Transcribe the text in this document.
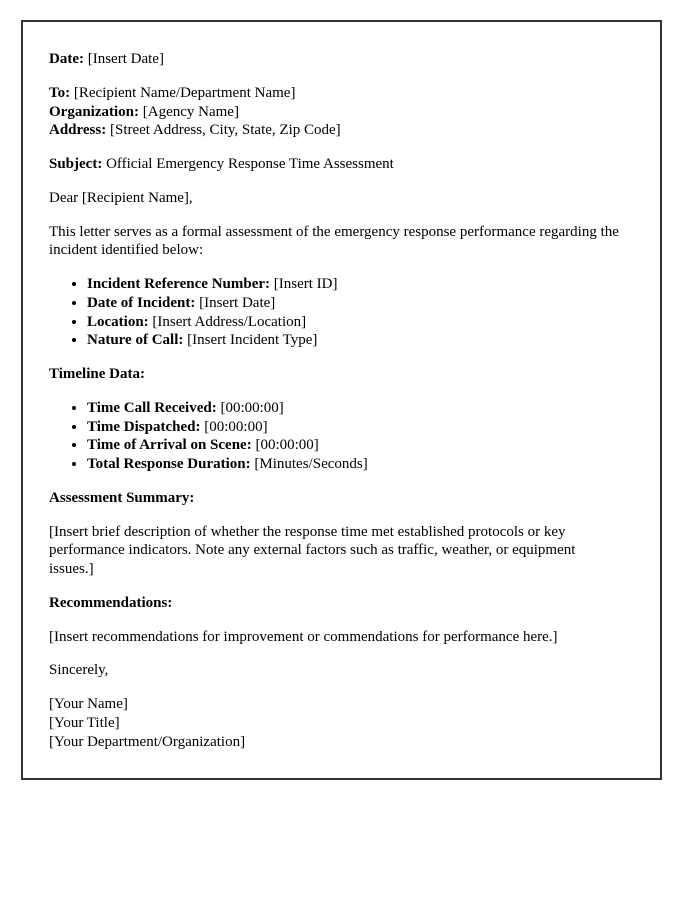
Date: [Insert Date]

To: [Recipient Name/Department Name]
Organization: [Agency Name]
Address: [Street Address, City, State, Zip Code]

Subject: Official Emergency Response Time Assessment

Dear [Recipient Name],

This letter serves as a formal assessment of the emergency response performance regarding the incident identified below:

• Incident Reference Number: [Insert ID]
• Date of Incident: [Insert Date]
• Location: [Insert Address/Location]
• Nature of Call: [Insert Incident Type]

Timeline Data:

• Time Call Received: [00:00:00]
• Time Dispatched: [00:00:00]
• Time of Arrival on Scene: [00:00:00]
• Total Response Duration: [Minutes/Seconds]

Assessment Summary:

[Insert brief description of whether the response time met established protocols or key performance indicators. Note any external factors such as traffic, weather, or equipment issues.]

Recommendations:

[Insert recommendations for improvement or commendations for performance here.]

Sincerely,

[Your Name]
[Your Title]
[Your Department/Organization]
